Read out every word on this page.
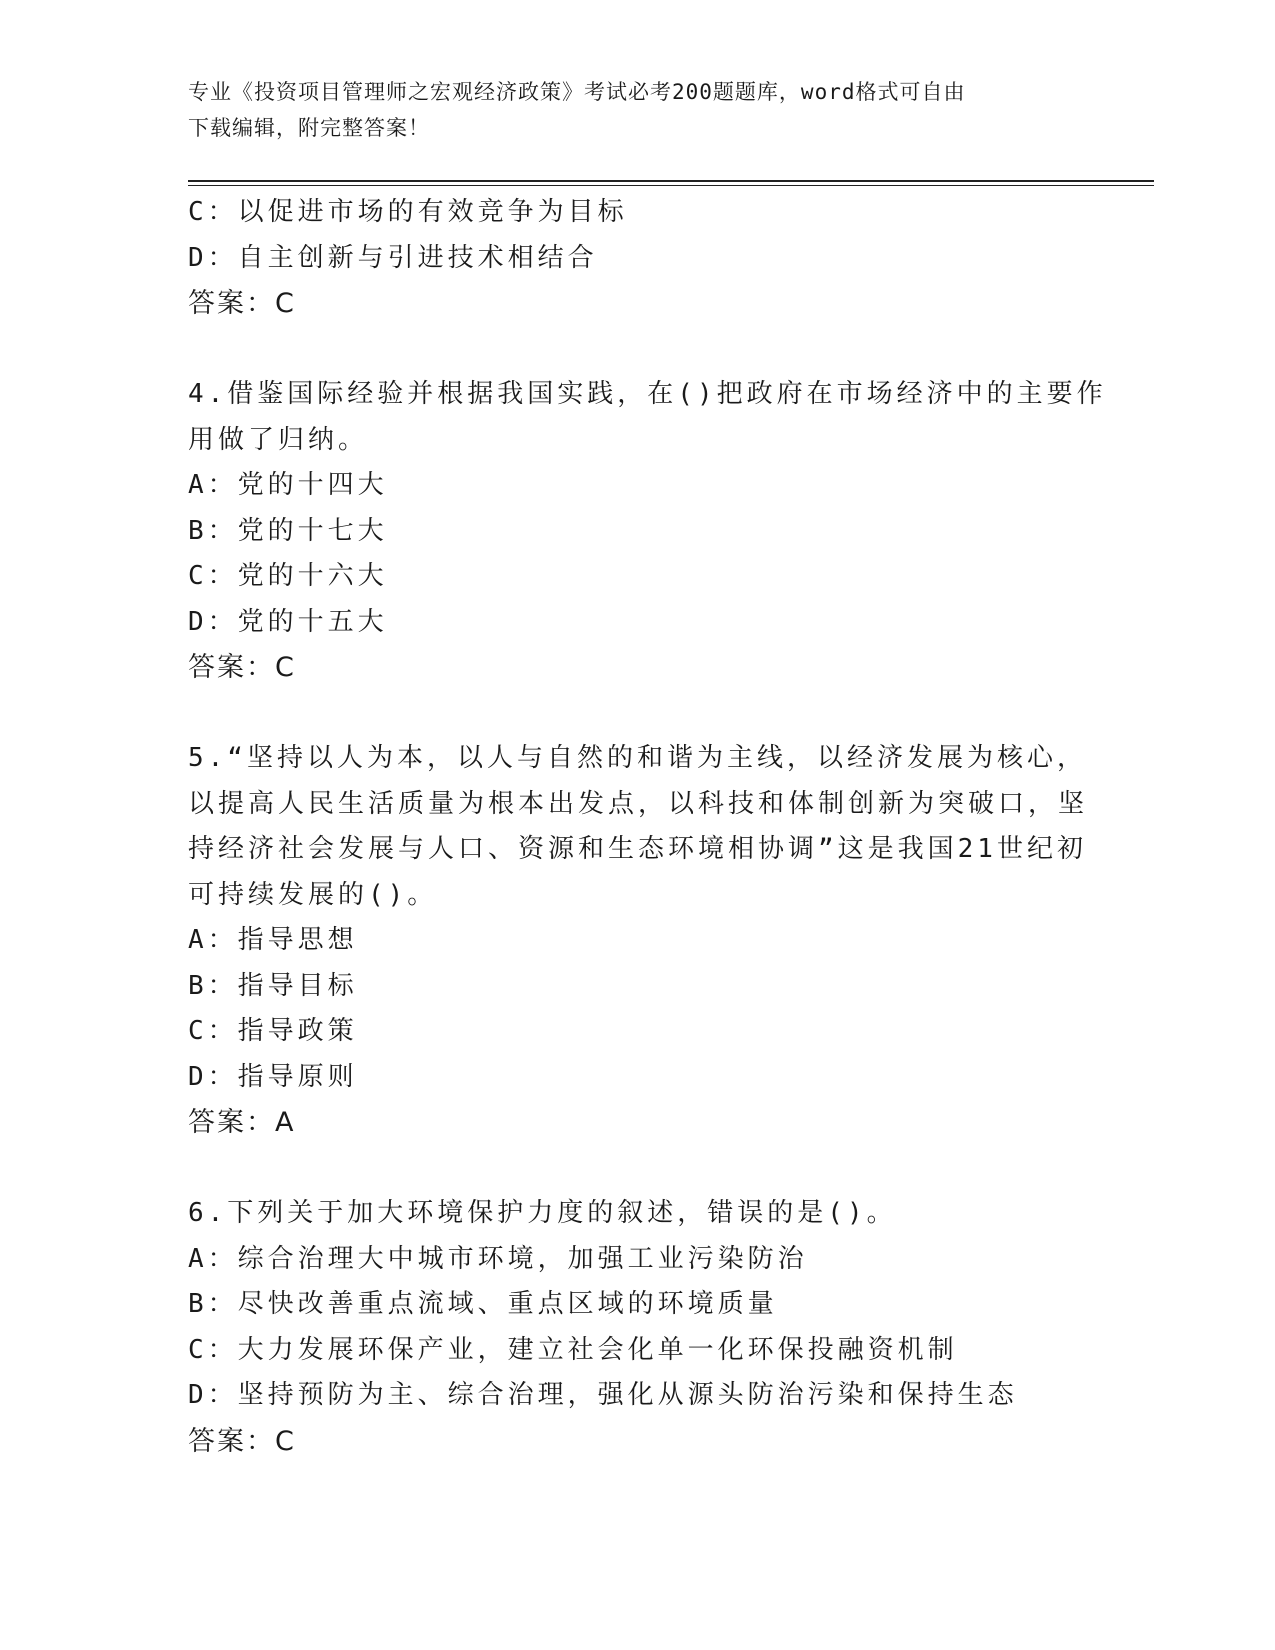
专业《投资项目管理师之宏观经济政策》考试必考200题题库，word格式可自由
下载编辑，附完整答案！
C：以促进市场的有效竞争为目标
D：自主创新与引进技术相结合
答案：C
4.借鉴国际经验并根据我国实践，在()把政府在市场经济中的主要作
用做了归纳。
A：党的十四大
B：党的十七大
C：党的十六大
D：党的十五大
答案：C
5.“坚持以人为本，以人与自然的和谐为主线，以经济发展为核心，
以提高人民生活质量为根本出发点，以科技和体制创新为突破口，坚
持经济社会发展与人口、资源和生态环境相协调”这是我国21世纪初
可持续发展的()。
A：指导思想
B：指导目标
C：指导政策
D：指导原则
答案：A
6.下列关于加大环境保护力度的叙述，错误的是()。
A：综合治理大中城市环境，加强工业污染防治
B：尽快改善重点流域、重点区域的环境质量
C：大力发展环保产业，建立社会化单一化环保投融资机制
D：坚持预防为主、综合治理，强化从源头防治污染和保持生态
答案：C
